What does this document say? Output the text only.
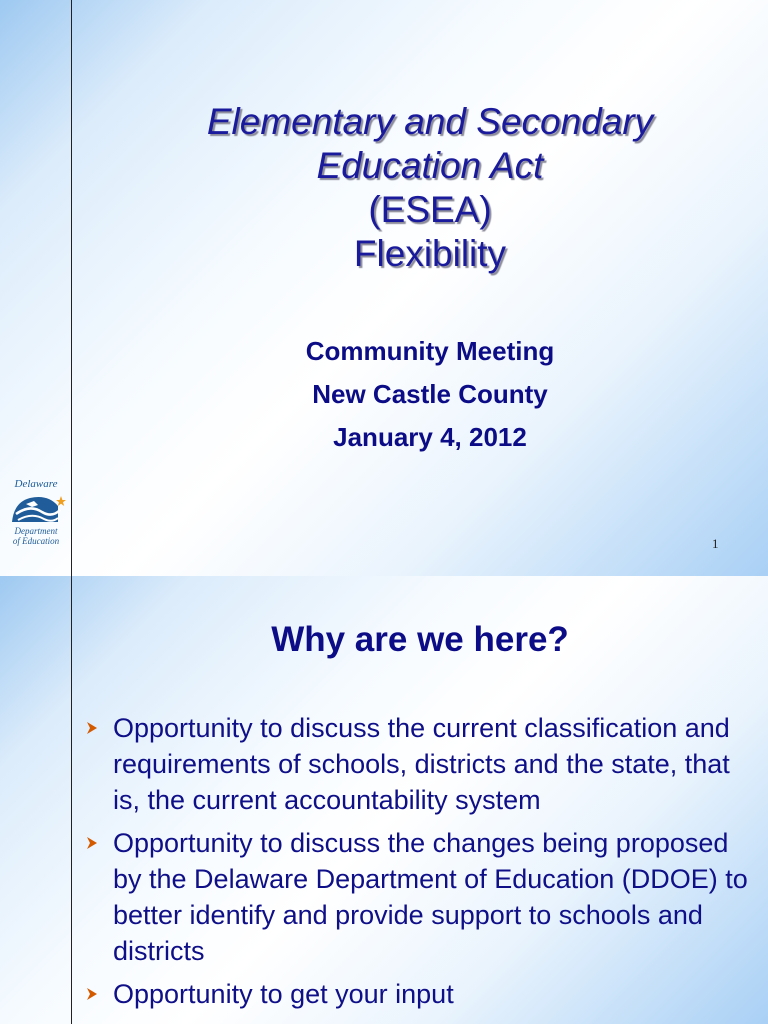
Elementary and Secondary
Education Act
(ESEA)
Flexibility
Community Meeting
New Castle County
January 4, 2012
Delaware
Department
of Education	1
Why are we here?
Opportunity to discuss the current classification and requirements of schools, districts and the state, that is, the current accountability system
Opportunity to discuss the changes being proposed by the Delaware Department of Education (DDOE) to better identify and provide support to schools and districts
Opportunity to get your input
